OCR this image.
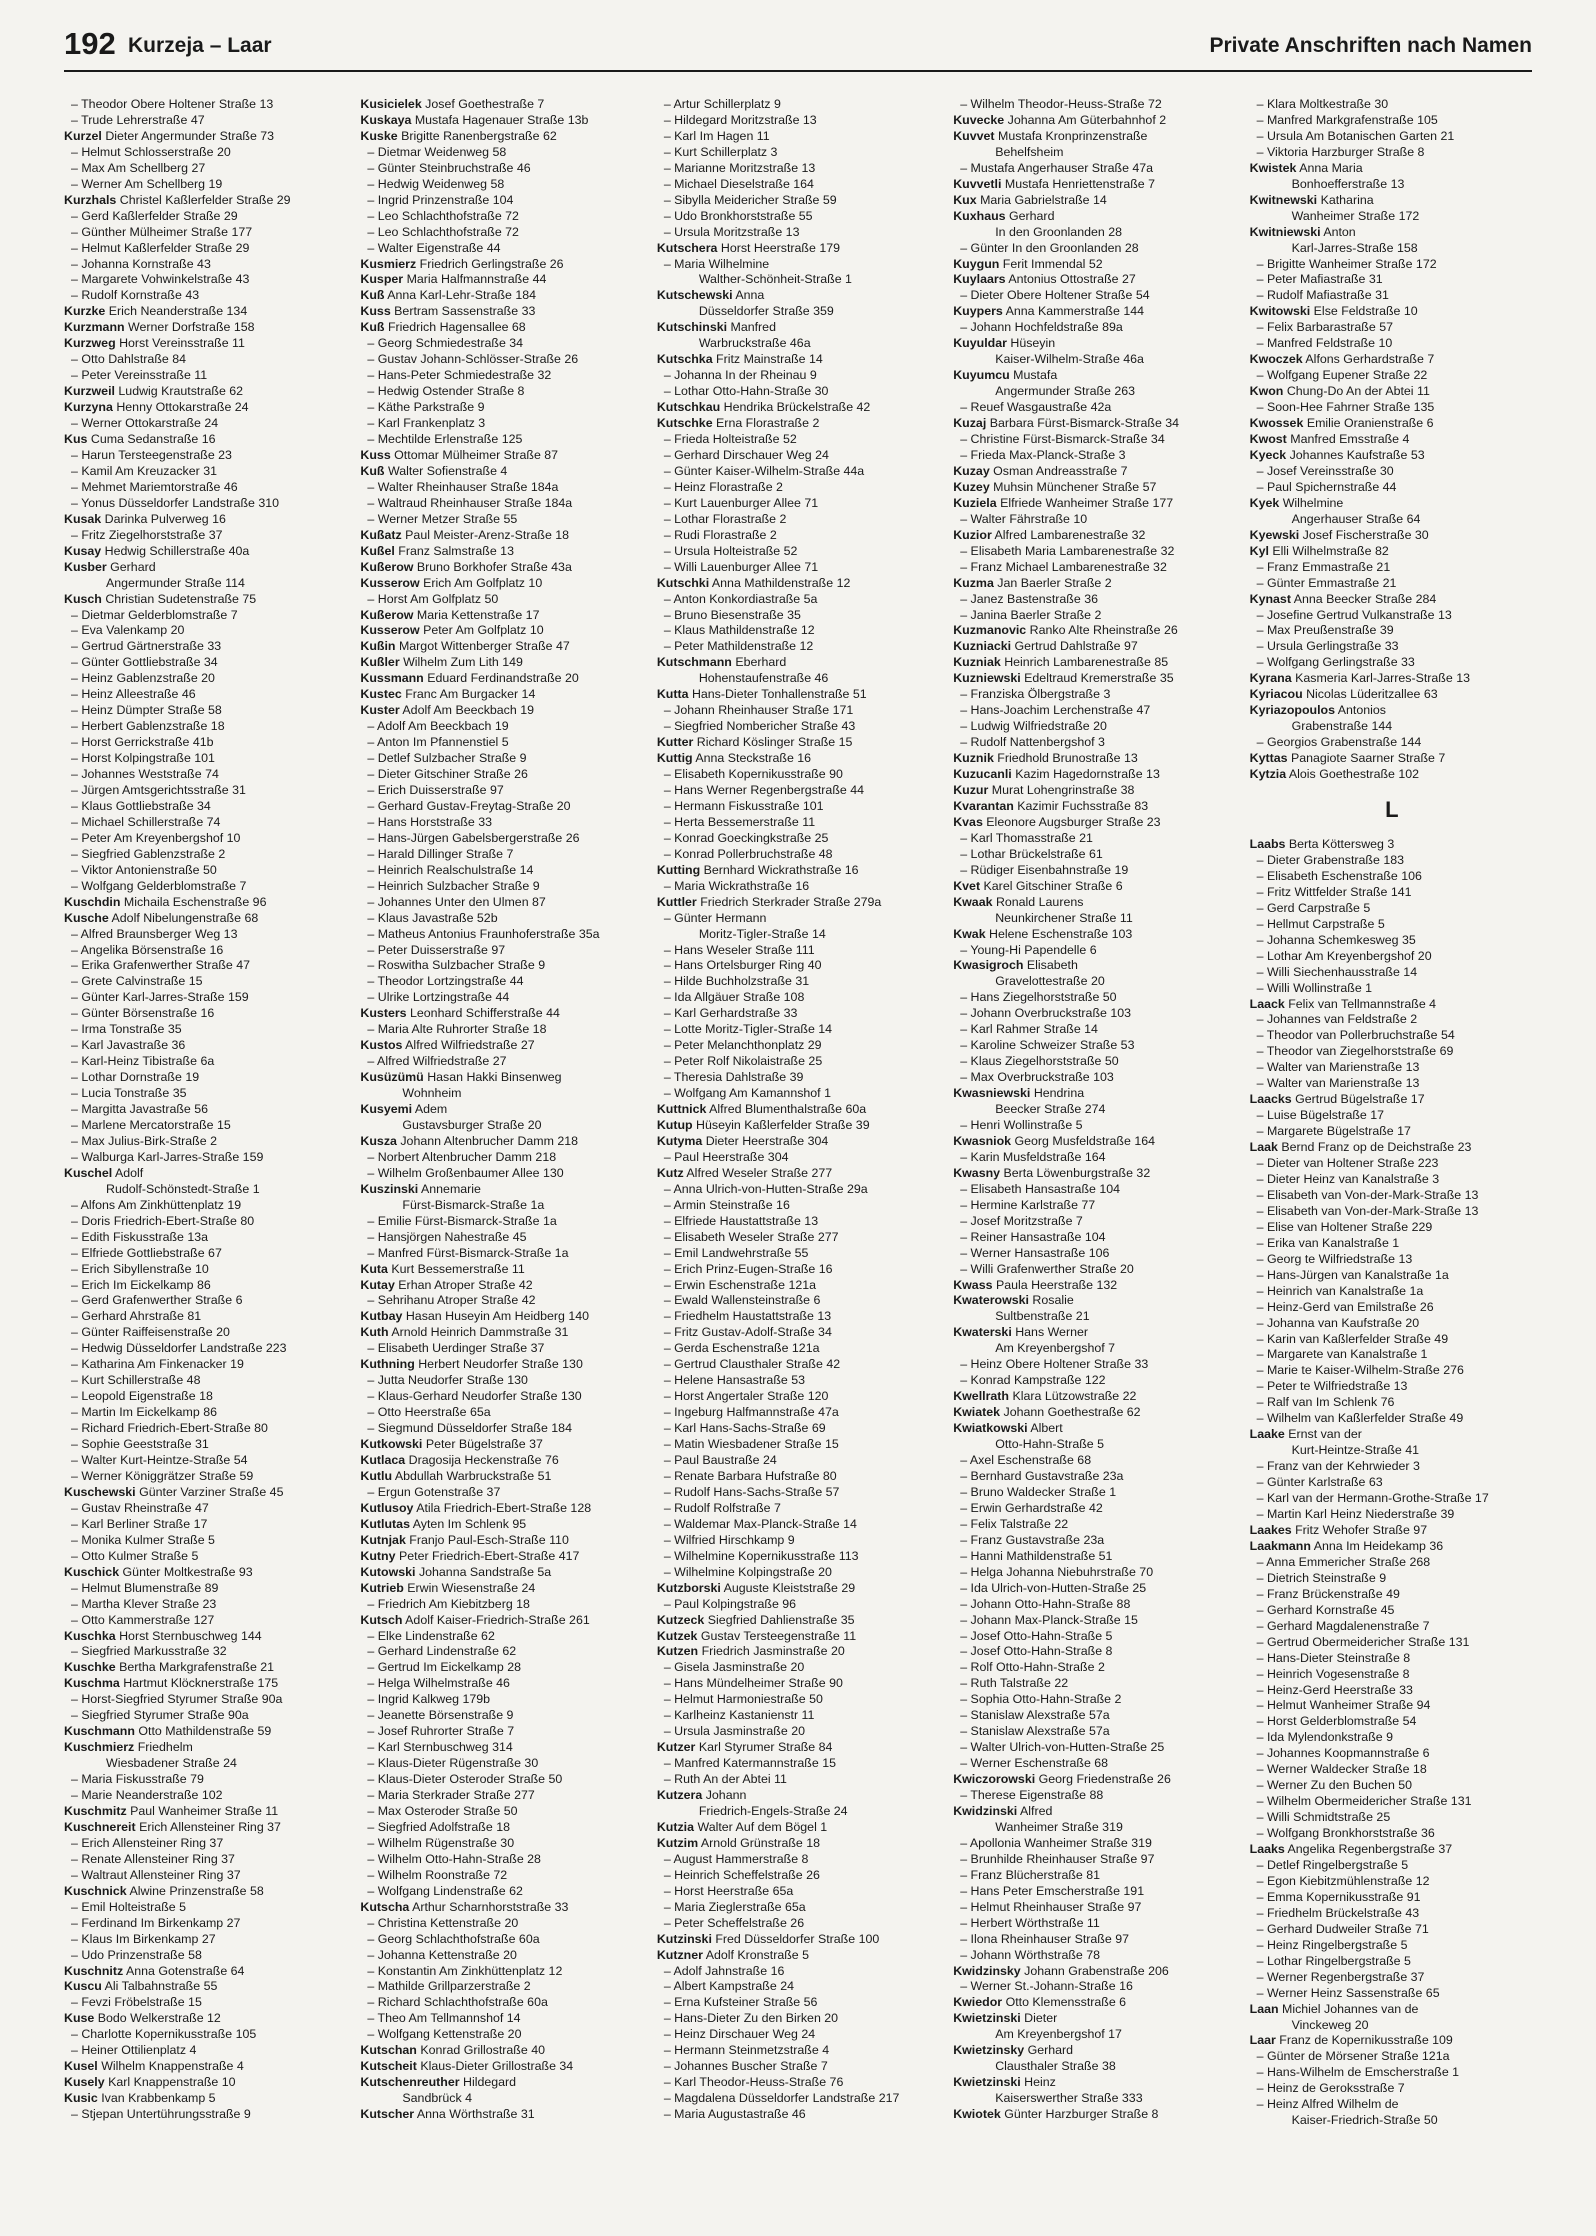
192 Kurzeja – Laar	Private Anschriften nach Namen
– Theodor Obere Holtener Straße 13
– Trude Lehrerstraße 47
Kurzel Dieter Angermunder Straße 73
– Helmut Schlosserstraße 20
– Max Am Schellberg 27
– Werner Am Schellberg 19
Kurzhals Christel Kaßlerfelder Straße 29
– Gerd Kaßlerfelder Straße 29
– Günther Mülheimer Straße 177
– Helmut Kaßlerfelder Straße 29
– Johanna Kornstraße 43
– Margarete Vohwinkelstraße 43
– Rudolf Kornstraße 43
Kurzke Erich Neanderstraße 134
Kurzmann Werner Dorfstraße 158
Kurzweg Horst Vereinsstraße 11
– Otto Dahlstraße 84
– Peter Vereinsstraße 11
Kurzweil Ludwig Krautstraße 62
Kurzyna Henny Ottokarstraße 24
– Werner Ottokarstraße 24
Kus Cuma Sedanstraße 16
– Harun Tersteegenstraße 23
– Kamil Am Kreuzacker 31
– Mehmet Mariemtorstraße 46
– Yonus Düsseldorfer Landstraße 310
Kusak Darinka Pulverweg 16
– Fritz Ziegelhorststraße 37
Kusay Hedwig Schillerstraße 40a
Kusber Gerhard
Angermunder Straße 114
Kusch Christian Sudetenstraße 75
– Dietmar Gelderblomstraße 7
– Eva Valenkamp 20
– Gertrud Gärtnerstraße 33
– Günter Gottliebstraße 34
– Heinz Gablenzstraße 20
– Heinz Alleestraße 46
– Heinz Dümpter Straße 58
– Herbert Gablenzstraße 18
– Horst Gerrickstraße 41b
– Horst Kolpingstraße 101
– Johannes Weststraße 74
– Jürgen Amtsgerichtsstraße 31
– Klaus Gottliebstraße 34
– Michael Schillerstraße 74
– Peter Am Kreyenbergshof 10
– Siegfried Gablenzstraße 2
– Viktor Antonienstraße 50
– Wolfgang Gelderblomstraße 7
Kuschdin Michaila Eschenstraße 96
Kusche Adolf Nibelungenstraße 68
– Alfred Braunsberger Weg 13
– Angelika Börsenstraße 16
– Erika Grafenwerther Straße 47
– Grete Calvinstraße 15
– Günter Karl-Jarres-Straße 159
– Günter Börsenstraße 16
– Irma Tonstraße 35
– Karl Javastraße 36
– Karl-Heinz Tibistraße 6a
– Lothar Dornstraße 19
– Lucia Tonstraße 35
– Margitta Javastraße 56
– Marlene Mercatorstraße 15
– Max Julius-Birk-Straße 2
– Walburga Karl-Jarres-Straße 159
Kuschel Adolf
Rudolf-Schönstedt-Straße 1
– Alfons Am Zinkhüttenplatz 19
– Doris Friedrich-Ebert-Straße 80
– Edith Fiskusstraße 13a
– Elfriede Gottliebstraße 67
– Erich Sibyllenstraße 10
– Erich Im Eickelkamp 86
– Gerd Grafenwerther Straße 6
– Gerhard Ahrstraße 81
– Günter Raiffeisenstraße 20
– Hedwig Düsseldorfer Landstraße 223
– Katharina Am Finkenacker 19
– Kurt Schillerstraße 48
– Leopold Eigenstraße 18
– Martin Im Eickelkamp 86
– Richard Friedrich-Ebert-Straße 80
– Sophie Geeststraße 31
– Walter Kurt-Heintze-Straße 54
– Werner Königgrätzer Straße 59
Kuschewski Günter Varziner Straße 45
– Gustav Rheinstraße 47
– Karl Berliner Straße 17
– Monika Kulmer Straße 5
– Otto Kulmer Straße 5
Kuschick Günter Moltkestraße 93
– Helmut Blumenstraße 89
– Martha Klever Straße 23
– Otto Kammerstraße 127
Kuschka Horst Sternbuschweg 144
– Siegfried Markusstraße 32
Kuschke Bertha Markgrafenstraße 21
Kuschma Hartmut Klöcknerstraße 175
– Horst-Siegfried Styrumer Straße 90a
– Siegfried Styrumer Straße 90a
Kuschmann Otto Mathildenstraße 59
Kuschmierz Friedhelm
Wiesbadener Straße 24
– Maria Fiskusstraße 79
– Marie Neanderstraße 102
Kuschmitz Paul Wanheimer Straße 11
Kuschnereit Erich Allensteiner Ring 37
– Erich Allensteiner Ring 37
– Renate Allensteiner Ring 37
– Waltraut Allensteiner Ring 37
Kuschnick Alwine Prinzenstraße 58
– Emil Holteistraße 5
– Ferdinand Im Birkenkamp 27
– Klaus Im Birkenkamp 27
– Udo Prinzenstraße 58
Kuschnitz Anna Gotenstraße 64
Kuscu Ali Talbahnstraße 55
– Fevzi Fröbelstraße 15
Kuse Bodo Welkerstraße 12
– Charlotte Kopernikusstraße 105
– Heiner Ottilienplatz 4
Kusel Wilhelm Knappenstraße 4
Kusely Karl Knappenstraße 10
Kusic Ivan Krabbenkamp 5
– Stjepan Untertührungsstraße 9
Kusicielek Josef Goethestraße 7
Kuskaya Mustafa Hagenauer Straße 13b
Kuske Brigitte Ranenbergstraße 62
– Dietmar Weidenweg 58
– Günter Steinbruchstraße 46
– Hedwig Weidenweg 58
– Ingrid Prinzenstraße 104
– Leo Schlachthofstraße 72
– Leo Schlachthofstraße 72
– Walter Eigenstraße 44
Kusmierz Friedrich Gerlingstraße 26
Kusper Maria Halfmannstraße 44
Kuß Anna Karl-Lehr-Straße 184
Kuss Bertram Sassenstraße 33
Kuß Friedrich Hagensallee 68
– Georg Schmiedestraße 34
– Gustav Johann-Schlösser-Straße 26
– Hans-Peter Schmiedestraße 32
– Hedwig Ostender Straße 8
– Käthe Parkstraße 9
– Karl Frankenplatz 3
– Mechtilde Erlenstraße 125
Kuss Ottomar Mülheimer Straße 87
Kuß Walter Sofienstraße 4
– Walter Rheinhauser Straße 184a
– Waltraud Rheinhauser Straße 184a
– Werner Metzer Straße 55
Kußatz Paul Meister-Arenz-Straße 18
Kußel Franz Salmstraße 13
Kußerow Bruno Borkhofer Straße 43a
Kusserow Erich Am Golfplatz 10
– Horst Am Golfplatz 50
Kußerow Maria Kettenstraße 17
Kusserow Peter Am Golfplatz 10
Kußin Margot Wittenberger Straße 47
Kußler Wilhelm Zum Lith 149
Kussmann Eduard Ferdinandstraße 20
Kustec Franc Am Burgacker 14
Kuster Adolf Am Beeckbach 19
– Adolf Am Beeckbach 19
– Anton Im Pfannenstiel 5
– Detlef Sulzbacher Straße 9
– Dieter Gitschiner Straße 26
– Erich Duisserstraße 97
– Gerhard Gustav-Freytag-Straße 20
– Hans Horststraße 33
– Hans-Jürgen Gabelsbergerstraße 26
– Harald Dillinger Straße 7
– Heinrich Realschulstraße 14
– Heinrich Sulzbacher Straße 9
– Johannes Unter den Ulmen 87
– Klaus Javastraße 52b
– Matheus Antonius Fraunhoferstraße 35a
– Peter Duisserstraße 97
– Roswitha Sulzbacher Straße 9
– Theodor Lortzingstraße 44
– Ulrike Lortzingstraße 44
Kusters Leonhard Schifferstraße 44
– Maria Alte Ruhrorter Straße 18
Kustos Alfred Wilfriedstraße 27
– Alfred Wilfriedstraße 27
Kusüzümü Hasan Hakki Binsenweg
Wohnheim
Kusyemi Adem
Gustavsburger Straße 20
Kusza Johann Altenbrucher Damm 218
– Norbert Altenbrucher Damm 218
– Wilhelm Großenbaumer Allee 130
Kuszinski Annemarie
Fürst-Bismarck-Straße 1a
– Emilie Fürst-Bismarck-Straße 1a
– Hansjörgen Nahestraße 45
– Manfred Fürst-Bismarck-Straße 1a
Kuta Kurt Bessemerstraße 11
Kutay Erhan Atroper Straße 42
– Sehrihanu Atroper Straße 42
Kutbay Hasan Huseyin Am Heidberg 140
Kuth Arnold Heinrich Dammstraße 31
– Elisabeth Uerdinger Straße 37
Kuthning Herbert Neudorfer Straße 130
– Jutta Neudorfer Straße 130
– Klaus-Gerhard Neudorfer Straße 130
– Otto Heerstraße 65a
– Siegmund Düsseldorfer Straße 184
Kutkowski Peter Bügelstraße 37
Kutlaca Dragosija Heckenstraße 76
Kutlu Abdullah Warbruckstraße 51
– Ergun Gotenstraße 37
Kutlusoy Atila Friedrich-Ebert-Straße 128
Kutlutas Ayten Im Schlenk 95
Kutnjak Franjo Paul-Esch-Straße 110
Kutny Peter Friedrich-Ebert-Straße 417
Kutowski Johanna Sandstraße 5a
Kutrieb Erwin Wiesenstraße 24
– Friedrich Am Kiebitzberg 18
Kutsch Adolf Kaiser-Friedrich-Straße 261
– Elke Lindenstraße 62
– Gerhard Lindenstraße 62
– Gertrud Im Eickelkamp 28
– Helga Wilhelmstraße 46
– Ingrid Kalkweg 179b
– Jeanette Börsenstraße 9
– Josef Ruhrorter Straße 7
– Karl Sternbuschweg 314
– Klaus-Dieter Rügenstraße 30
– Klaus-Dieter Osteroder Straße 50
– Maria Sterkrader Straße 277
– Max Osteroder Straße 50
– Siegfried Adolfstraße 18
– Wilhelm Rügenstraße 30
– Wilhelm Otto-Hahn-Straße 28
– Wilhelm Roonstraße 72
– Wolfgang Lindenstraße 62
Kutscha Arthur Scharnhorststraße 33
– Christina Kettenstraße 20
– Georg Schlachthofstraße 60a
– Johanna Kettenstraße 20
– Konstantin Am Zinkhüttenplatz 12
– Mathilde Grillparzerstraße 2
– Richard Schlachthofstraße 60a
– Theo Am Tellmannshof 14
– Wolfgang Kettenstraße 20
Kutschan Konrad Grillostraße 40
Kutscheit Klaus-Dieter Grillostraße 34
Kutschenreuther Hildegard
Sandbrück 4
Kutscher Anna Wörthstraße 31
– Artur Schillerplatz 9
– Hildegard Moritzstraße 13
– Karl Im Hagen 11
– Kurt Schillerplatz 3
– Marianne Moritzstraße 13
– Michael Dieselstraße 164
– Sibylla Meidericher Straße 59
– Udo Bronkhorststraße 55
– Ursula Moritzstraße 13
Kutschera Horst Heerstraße 179
– Maria Wilhelmine
Walther-Schönheit-Straße 1
Kutschewski Anna
Düsseldorfer Straße 359
Kutschinski Manfred
Warbruckstraße 46a
Kutschka Fritz Mainstraße 14
– Johanna In der Rheinau 9
– Lothar Otto-Hahn-Straße 30
Kutschkau Hendrika Brückelstraße 42
Kutschke Erna Florastraße 2
– Frieda Holteistraße 52
– Gerhard Dirschauer Weg 24
– Günter Kaiser-Wilhelm-Straße 44a
– Heinz Florastraße 2
– Kurt Lauenburger Allee 71
– Lothar Florastraße 2
– Rudi Florastraße 2
– Ursula Holteistraße 52
– Willi Lauenburger Allee 71
Kutschki Anna Mathildenstraße 12
– Anton Konkordiastraße 5a
– Bruno Biesenstraße 35
– Klaus Mathildenstraße 12
– Peter Mathildenstraße 12
Kutschmann Eberhard
Hohenstaufenstraße 46
Kutta Hans-Dieter Tonhallenstraße 51
– Johann Rheinhauser Straße 171
– Siegfried Nombericher Straße 43
Kutter Richard Köslinger Straße 15
Kuttig Anna Steckstraße 16
– Elisabeth Kopernikusstraße 90
– Hans Werner Regenbergstraße 44
– Hermann Fiskusstraße 101
– Herta Bessemerstraße 11
– Konrad Goeckingkstraße 25
– Konrad Pollerbruchstraße 48
Kutting Bernhard Wickrathstraße 16
– Maria Wickrathstraße 16
Kuttler Friedrich Sterkrader Straße 279a
– Günter Hermann
Moritz-Tigler-Straße 14
– Hans Weseler Straße 111
– Hans Ortelsburger Ring 40
– Hilde Buchholzstraße 31
– Ida Allgäuer Straße 108
– Karl Gerhardstraße 33
– Lotte Moritz-Tigler-Straße 14
– Peter Melanchthonplatz 29
– Peter Rolf Nikolaistraße 25
– Theresia Dahlstraße 39
– Wolfgang Am Kamannshof 1
Kuttnick Alfred Blumenthalstraße 60a
Kutup Hüseyin Kaßlerfelder Straße 39
Kutyma Dieter Heerstraße 304
– Paul Heerstraße 304
Kutz Alfred Weseler Straße 277
– Anna Ulrich-von-Hutten-Straße 29a
– Armin Steinstraße 16
– Elfriede Haustattstraße 13
– Elisabeth Weseler Straße 277
– Emil Landwehrstraße 55
– Erich Prinz-Eugen-Straße 16
– Erwin Eschenstraße 121a
– Ewald Wallensteinstraße 6
– Friedhelm Haustattstraße 13
– Fritz Gustav-Adolf-Straße 34
– Gerda Eschenstraße 121a
– Gertrud Clausthaler Straße 42
– Helene Hansastraße 53
– Horst Angertaler Straße 120
– Ingeburg Halfmannstraße 47a
– Karl Hans-Sachs-Straße 69
– Matin Wiesbadener Straße 15
– Paul Baustraße 24
– Renate Barbara Hufstraße 80
– Rudolf Hans-Sachs-Straße 57
– Rudolf Rolfstraße 7
– Waldemar Max-Planck-Straße 14
– Wilfried Hirschkamp 9
– Wilhelmine Kopernikusstraße 113
– Wilhelmine Kolpingstraße 20
Kutzborski Auguste Kleiststraße 29
– Paul Kolpingstraße 96
Kutzeck Siegfried Dahlienstraße 35
Kutzek Gustav Tersteegenstraße 11
Kutzen Friedrich Jasminstraße 20
– Gisela Jasminstraße 20
– Hans Mündelheimer Straße 90
– Helmut Harmoniestraße 50
– Karlheinz Kastanienstr 11
– Ursula Jasminstraße 20
Kutzer Karl Styrumer Straße 84
– Manfred Katermannstraße 15
– Ruth An der Abtei 11
Kutzera Johann
Friedrich-Engels-Straße 24
Kutzia Walter Auf dem Bögel 1
Kutzim Arnold Grünstraße 18
– August Hammerstraße 8
– Heinrich Scheffelstraße 26
– Horst Heerstraße 65a
– Maria Zieglerstraße 65a
– Peter Scheffelstraße 26
Kutzinski Fred Düsseldorfer Straße 100
Kutzner Adolf Kronstraße 5
– Adolf Jahnstraße 16
– Albert Kampstraße 24
– Erna Kufsteiner Straße 56
– Hans-Dieter Zu den Birken 20
– Heinz Dirschauer Weg 24
– Hermann Steinmetzstraße 4
– Johannes Buscher Straße 7
– Karl Theodor-Heuss-Straße 76
– Magdalena Düsseldorfer Landstraße 217
– Maria Augustastraße 46
– Wilhelm Theodor-Heuss-Straße 72
Kuvecke Johanna Am Güterbahnhof 2
Kuvvet Mustafa Kronprinzenstraße
Behelfsheim
– Mustafa Angerhauser Straße 47a
Kuvvetli Mustafa Henriettenstraße 7
Kux Maria Gabrielstraße 14
Kuxhaus Gerhard
In den Groonlanden 28
– Günter In den Groonlanden 28
Kuygun Ferit Immendal 52
Kuylaars Antonius Ottostraße 27
– Dieter Obere Holtener Straße 54
Kuypers Anna Kammerstraße 144
– Johann Hochfeldstraße 89a
Kuyuldar Hüseyin
Kaiser-Wilhelm-Straße 46a
Kuyumcu Mustafa
Angermunder Straße 263
– Reuef Wasgaustraße 42a
Kuzaj Barbara Fürst-Bismarck-Straße 34
– Christine Fürst-Bismarck-Straße 34
– Frieda Max-Planck-Straße 3
Kuzay Osman Andreasstraße 7
Kuzey Muhsin Münchener Straße 57
Kuziela Elfriede Wanheimer Straße 177
– Walter Fährstraße 10
Kuzior Alfred Lambarenestraße 32
– Elisabeth Maria Lambarenestraße 32
– Franz Michael Lambarenestraße 32
Kuzma Jan Baerler Straße 2
– Janez Bastenstraße 36
– Janina Baerler Straße 2
Kuzmanovic Ranko Alte Rheinstraße 26
Kuzniacki Gertrud Dahlstraße 97
Kuzniak Heinrich Lambarenestraße 85
Kuzniewski Edeltraud Kremerstraße 35
– Franziska Ölbergstraße 3
– Hans-Joachim Lerchenstraße 47
– Ludwig Wilfriedstraße 20
– Rudolf Nattenbergshof 3
Kuznik Friedhold Brunostraße 13
Kuzucanli Kazim Hagedornstraße 13
Kuzur Murat Lohengrinstraße 38
Kvarantan Kazimir Fuchsstraße 83
Kvas Eleonore Augsburger Straße 23
– Karl Thomasstraße 21
– Lothar Brückelstraße 61
– Rüdiger Eisenbahnstraße 19
Kvet Karel Gitschiner Straße 6
Kwaak Ronald Laurens
Neunkirchener Straße 11
Kwak Helene Eschenstraße 103
– Young-Hi Papendelle 6
Kwasigroch Elisabeth
Gravelottestraße 20
– Hans Ziegelhorststraße 50
– Johann Overbruckstraße 103
– Karl Rahmer Straße 14
– Karoline Schweizer Straße 53
– Klaus Ziegelhorststraße 50
– Max Overbruckstraße 103
Kwasniewski Hendrina
Beecker Straße 274
– Henri Wollinstraße 5
Kwasniok Georg Musfeldstraße 164
– Karin Musfeldstraße 164
Kwasny Berta Löwenburgstraße 32
– Elisabeth Hansastraße 104
– Hermine Karlstraße 77
– Josef Moritzstraße 7
– Reiner Hansastraße 104
– Werner Hansastraße 106
– Willi Grafenwerther Straße 20
Kwass Paula Heerstraße 132
Kwaterowski Rosalie
Sultbenstraße 21
Kwaterski Hans Werner
Am Kreyenbergshof 7
– Heinz Obere Holtener Straße 33
– Konrad Kampstraße 122
Kwellrath Klara Lützowstraße 22
Kwiatek Johann Goethestraße 62
Kwiatkowski Albert
Otto-Hahn-Straße 5
– Axel Eschenstraße 68
– Bernhard Gustavstraße 23a
– Bruno Waldecker Straße 1
– Erwin Gerhardstraße 42
– Felix Talstraße 22
– Franz Gustavstraße 23a
– Hanni Mathildenstraße 51
– Helga Johanna Niebuhrstraße 70
– Ida Ulrich-von-Hutten-Straße 25
– Johann Otto-Hahn-Straße 88
– Johann Max-Planck-Straße 15
– Josef Otto-Hahn-Straße 5
– Josef Otto-Hahn-Straße 8
– Rolf Otto-Hahn-Straße 2
– Ruth Talstraße 22
– Sophia Otto-Hahn-Straße 2
– Stanislaw Alexstraße 57a
– Stanislaw Alexstraße 57a
– Walter Ulrich-von-Hutten-Straße 25
– Werner Eschenstraße 68
Kwiczorowski Georg Friedenstraße 26
– Therese Eigenstraße 88
Kwidzinski Alfred
Wanheimer Straße 319
– Apollonia Wanheimer Straße 319
– Brunhilde Rheinhauser Straße 97
– Franz Blücherstraße 81
– Hans Peter Emscherstraße 191
– Helmut Rheinhauser Straße 97
– Herbert Wörthstraße 11
– Ilona Rheinhauser Straße 97
– Johann Wörthstraße 78
Kwidzinsky Johann Grabenstraße 206
– Werner St.-Johann-Straße 16
Kwiedor Otto Klemensstraße 6
Kwietzinski Dieter
Am Kreyenbergshof 17
Kwietzinsky Gerhard
Clausthaler Straße 38
Kwietzinski Heinz
Kaiserswerther Straße 333
Kwiotek Günter Harzburger Straße 8
– Klara Moltkestraße 30
– Manfred Markgrafenstraße 105
– Ursula Am Botanischen Garten 21
– Viktoria Harzburger Straße 8
Kwistek Anna Maria
Bonhoefferstraße 13
Kwitnewski Katharina
Wanheimer Straße 172
Kwitniewski Anton
Karl-Jarres-Straße 158
– Brigitte Wanheimer Straße 172
– Peter Mafiastraße 31
– Rudolf Mafiastraße 31
Kwitowski Else Feldstraße 10
– Felix Barbarastraße 57
– Manfred Feldstraße 10
Kwoczek Alfons Gerhardstraße 7
– Wolfgang Eupener Straße 22
Kwon Chung-Do An der Abtei 11
– Soon-Hee Fahrner Straße 135
Kwossek Emilie Oranienstraße 6
Kwost Manfred Emsstraße 4
Kyeck Johannes Kaufstraße 53
– Josef Vereinsstraße 30
– Paul Spichernstraße 44
Kyek Wilhelmine
Angerhauser Straße 64
Kyewski Josef Fischerstraße 30
Kyl Elli Wilhelmstraße 82
– Franz Emmastraße 21
– Günter Emmastraße 21
Kynast Anna Beecker Straße 284
– Josefine Gertrud Vulkanstraße 13
– Max Preußenstraße 39
– Ursula Gerlingstraße 33
– Wolfgang Gerlingstraße 33
Kyrana Kasmeria Karl-Jarres-Straße 13
Kyriacou Nicolas Lüderitzallee 63
Kyriazopoulos Antonios
Grabenstraße 144
– Georgios Grabenstraße 144
Kyttas Panagiote Saarner Straße 7
Kytzia Alois Goethestraße 102
L
Laabs Berta Köttersweg 3
– Dieter Grabenstraße 183
– Elisabeth Eschenstraße 106
– Fritz Wittfelder Straße 141
– Gerd Carpstraße 5
– Hellmut Carpstraße 5
– Johanna Schemkesweg 35
– Lothar Am Kreyenbergshof 20
– Willi Siechenhausstraße 14
– Willi Wollinstraße 1
Laack Felix van Tellmannstraße 4
– Johannes van Feldstraße 2
– Theodor van Pollerbruchstraße 54
– Theodor van Ziegelhorststraße 69
– Walter van Marienstraße 13
– Walter van Marienstraße 13
Laacks Gertrud Bügelstraße 17
– Luise Bügelstraße 17
– Margarete Bügelstraße 17
Laak Bernd Franz op de Deichstraße 23
– Dieter van Holtener Straße 223
– Dieter Heinz van Kanalstraße 3
– Elisabeth van Von-der-Mark-Straße 13
– Elisabeth van Von-der-Mark-Straße 13
– Elise van Holtener Straße 229
– Erika van Kanalstraße 1
– Georg te Wilfriedstraße 13
– Hans-Jürgen van Kanalstraße 1a
– Heinrich van Kanalstraße 1a
– Heinz-Gerd van Emilstraße 26
– Johanna van Kaufstraße 20
– Karin van Kaßlerfelder Straße 49
– Margarete van Kanalstraße 1
– Marie te Kaiser-Wilhelm-Straße 276
– Peter te Wilfriedstraße 13
– Ralf van Im Schlenk 76
– Wilhelm van Kaßlerfelder Straße 49
Laake Ernst van der
Kurt-Heintze-Straße 41
– Franz van der Kehrwieder 3
– Günter Karlstraße 63
– Karl van der Hermann-Grothe-Straße 17
– Martin Karl Heinz Niederstraße 39
Laakes Fritz Wehofer Straße 97
Laakmann Anna Im Heidekamp 36
– Anna Emmericher Straße 268
– Dietrich Steinstraße 9
– Franz Brückenstraße 49
– Gerhard Kornstraße 45
– Gerhard Magdalenenstraße 7
– Gertrud Obermeidericher Straße 131
– Hans-Dieter Steinstraße 8
– Heinrich Vogesenstraße 8
– Heinz-Gerd Heerstraße 33
– Helmut Wanheimer Straße 94
– Horst Gelderblomstraße 54
– Ida Mylendonkstraße 9
– Johannes Koopmannstraße 6
– Werner Waldecker Straße 18
– Werner Zu den Buchen 50
– Wilhelm Obermeidericher Straße 131
– Willi Schmidtstraße 25
– Wolfgang Bronkhorststraße 36
Laaks Angelika Regenbergstraße 37
– Detlef Ringelbergstraße 5
– Egon Kiebitzmühlenstraße 12
– Emma Kopernikusstraße 91
– Friedhelm Brückelstraße 43
– Gerhard Dudweiler Straße 71
– Heinz Ringelbergstraße 5
– Lothar Ringelbergstraße 5
– Werner Regenbergstraße 37
– Werner Heinz Sassenstraße 65
Laan Michiel Johannes van de
Vinckeweg 20
Laar Franz de Kopernikusstraße 109
– Günter de Mörsener Straße 121a
– Hans-Wilhelm de Emscherstraße 1
– Heinz de Geroksstraße 7
– Heinz Alfred Wilhelm de
Kaiser-Friedrich-Straße 50
